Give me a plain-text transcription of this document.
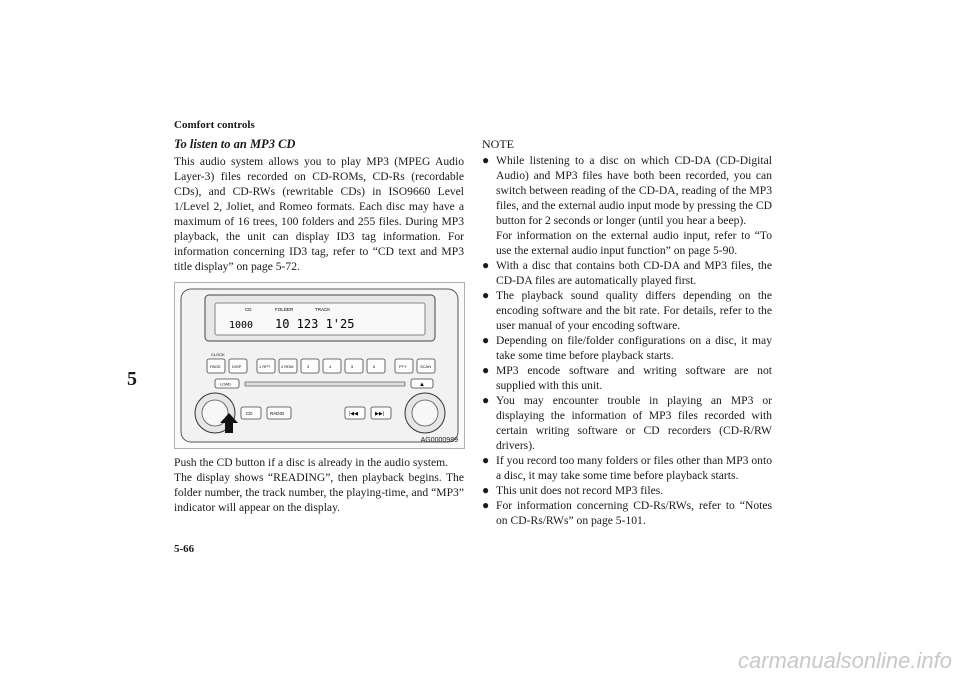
Comfort controls
5
5-66
carmanualsonline.info
To listen to an MP3 CD

This audio system allows you to play MP3 (MPEG Audio Layer-3) files recorded on CD-ROMs, CD-Rs (recordable CDs), and CD-RWs (rewritable CDs) in ISO9660 Level 1/Level 2, Joliet, and Romeo formats. Each disc may have a maximum of 16 trees, 100 folders and 255 files. During MP3 playback, the unit can display ID3 tag information. For information concerning ID3 tag, refer to “CD text and MP3 title display” on page 5-72.

CD	FOLDER	TRACK
1000 10 123 1'25
CLOCK
PAGE	DISP	1 RPT	2 RDM	3	4	5	6	PTY	SCAN
LOAD	▲
CD	RADIO	|◀◀	▶▶|
AG0000989

Push the CD button if a disc is already in the audio system.

The display shows “READING”, then playback begins. The folder number, the track number, the playing-time, and “MP3” indicator will appear on the display.

NOTE
● While listening to a disc on which CD-DA (CD-Digital Audio) and MP3 files have both been recorded, you can switch between reading of the CD-DA, reading of the MP3 files, and the external audio input mode by pressing the CD button for 2 seconds or longer (until you hear a beep).
For information on the external audio input, refer to “To use the external audio input function” on page 5-90.
● With a disc that contains both CD-DA and MP3 files, the CD-DA files are automatically played first.
● The playback sound quality differs depending on the encoding software and the bit rate. For details, refer to the user manual of your encoding software.
● Depending on file/folder configurations on a disc, it may take some time before playback starts.
● MP3 encode software and writing software are not supplied with this unit.
● You may encounter trouble in playing an MP3 or displaying the information of MP3 files recorded with certain writing software or CD recorders (CD-R/RW drivers).
● If you record too many folders or files other than MP3 onto a disc, it may take some time before playback starts.
● This unit does not record MP3 files.
● For information concerning CD-Rs/RWs, refer to “Notes on CD-Rs/RWs” on page 5-101.
